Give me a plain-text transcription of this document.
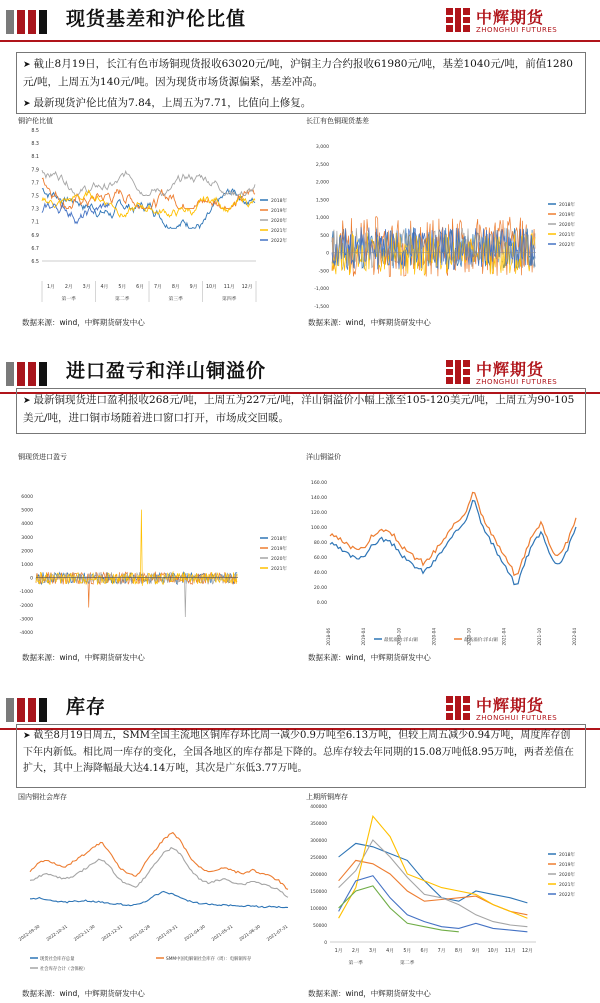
现货基差和沪伦比值	中辉期货
ZHONGHUI FUTURES

➤ 截止8月19日，长江有色市场铜现货报收63020元/吨，沪铜主力合约报收61980元/吨，基差1040元/吨，前值1280元/吨，上周五为140元/吨。因为现货市场货源偏紧，基差冲高。

➤ 最新现货沪伦比值为7.84，上周五为7.71，比值向上修复。

铜沪伦比值
8.5
8.3
8.1
7.9
7.7
7.5
7.3
7.1
6.9
6.7
6.5
1月 2月 3月 4月 5月 6月 7月 8月 9月 10月 11月 12月
第一季	第二季	第三季	第四季
2018年
2019年
2020年
2021年
2022年
长江有色铜现货基差
3,000
2,500
2,000
1,500
1,000
500
0
-500
-1,000
-1,500
2018年
2019年
2020年
2021年
2022年
数据来源：wind，中辉期货研发中心	数据来源：wind，中辉期货研发中心
进口盈亏和洋山铜溢价	中辉期货
ZHONGHUI FUTURES

➤ 最新铜现货进口盈利报收268元/吨，上周五为227元/吨，洋山铜溢价小幅上涨至105-120美元/吨，上周五为90-105美元/吨，进口铜市场随着进口窗口打开，市场成交回暖。

铜现货进口盈亏
6000
5000
4000
3000
2000
1000
0
-1000
-2000
-3000
-4000
2018年
2019年
2020年
2021年
洋山铜溢价
160.00
140.00
120.00
100.00
80.00
60.00
40.00
20.00
0.00
2018-06	2019-04	2019-10	2020-04	2020-10	2021-04	2021-10	2022-04
最低溢价:洋山铜	最高溢价:洋山铜
数据来源：wind，中辉期货研发中心	数据来源：wind，中辉期货研发中心
库存	中辉期货
ZHONGHUI FUTURES

➤ 截至8月19日周五，SMM全国主流地区铜库存环比周一减少0.9万吨至6.13万吨，但较上周五减少0.94万吨，周度库存创下年内新低。相比周一库存的变化，全国各地区的库存都是下降的。总库存较去年同期的15.08万吨低8.95万吨，两者差值在扩大，其中上海降幅最大达4.14万吨，其次是广东低3.77万吨。

国内铜社会库存
2022-09-30 2022-10-31 2022-11-30 2022-12-31 2021-02-28 2021-03-31 2021-04-30 2021-05-31 2021-06-30 2021-07-31
现货社会库存总量	SMM中国电解铜社会库存（周）：电解铜库存
社会库存合计（含保税）
上期所铜库存
400000
350000
300000
250000
200000
150000
100000
50000
0
1月 2月 3月 4月 5月 6月 7月 8月 9月 10月 11月 12月
第一季	第二季
2018年
2019年
2020年
2021年
2022年
数据来源：wind，中辉期货研发中心	数据来源：wind，中辉期货研发中心
